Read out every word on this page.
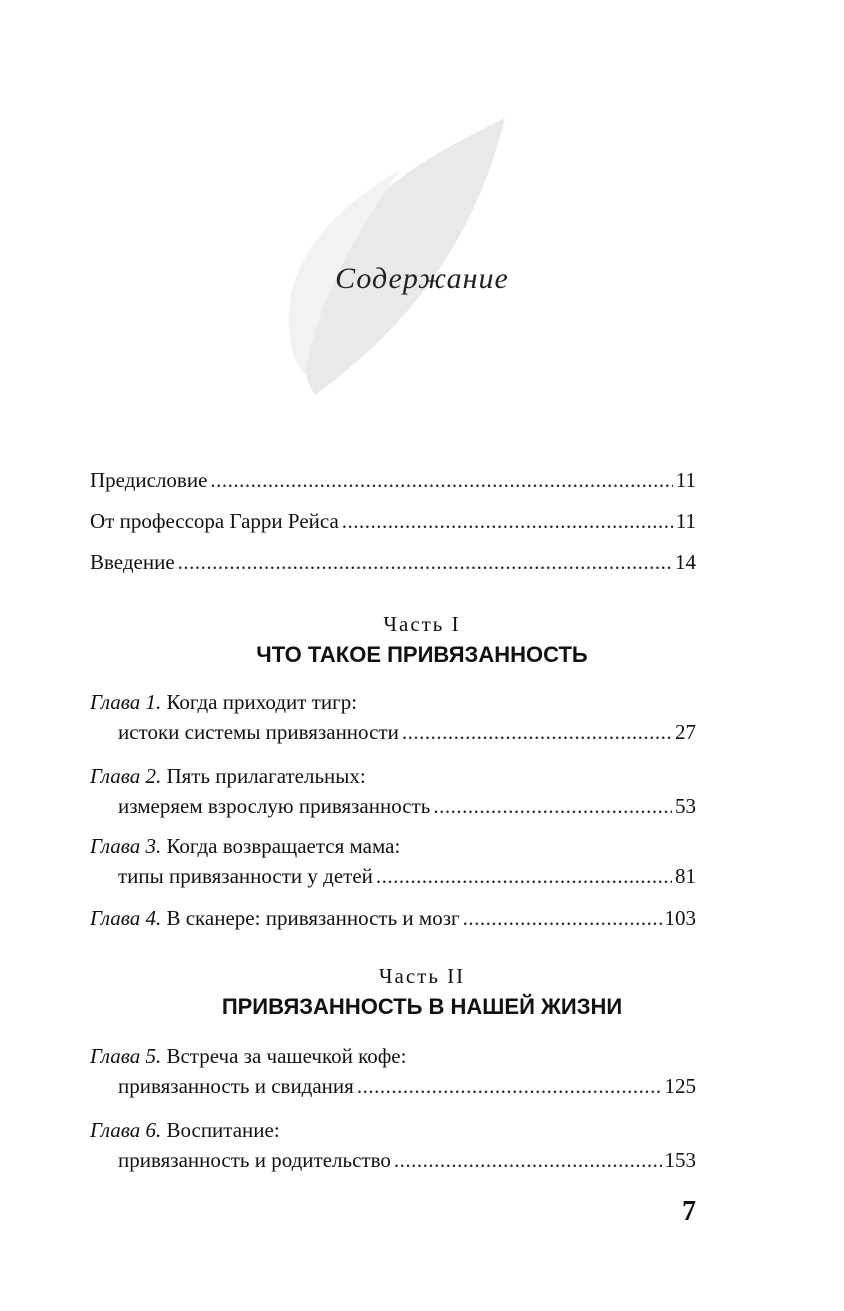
Содержание
Предисловие .....	11
От профессора Гарри Рейса .....	11
Введение .....	14
Часть I
ЧТО ТАКОЕ ПРИВЯЗАННОСТЬ
Глава 1. Когда приходит тигр:
истоки системы привязанности .....	27
Глава 2. Пять прилагательных:
измеряем взрослую привязанность .....	53
Глава 3. Когда возвращается мама:
типы привязанности у детей .....	81
Глава 4. В сканере: привязанность и мозг .....	103
Часть II
ПРИВЯЗАННОСТЬ В НАШЕЙ ЖИЗНИ
Глава 5. Встреча за чашечкой кофе:
привязанность и свидания .....	125
Глава 6. Воспитание:
привязанность и родительство .....	153
7
